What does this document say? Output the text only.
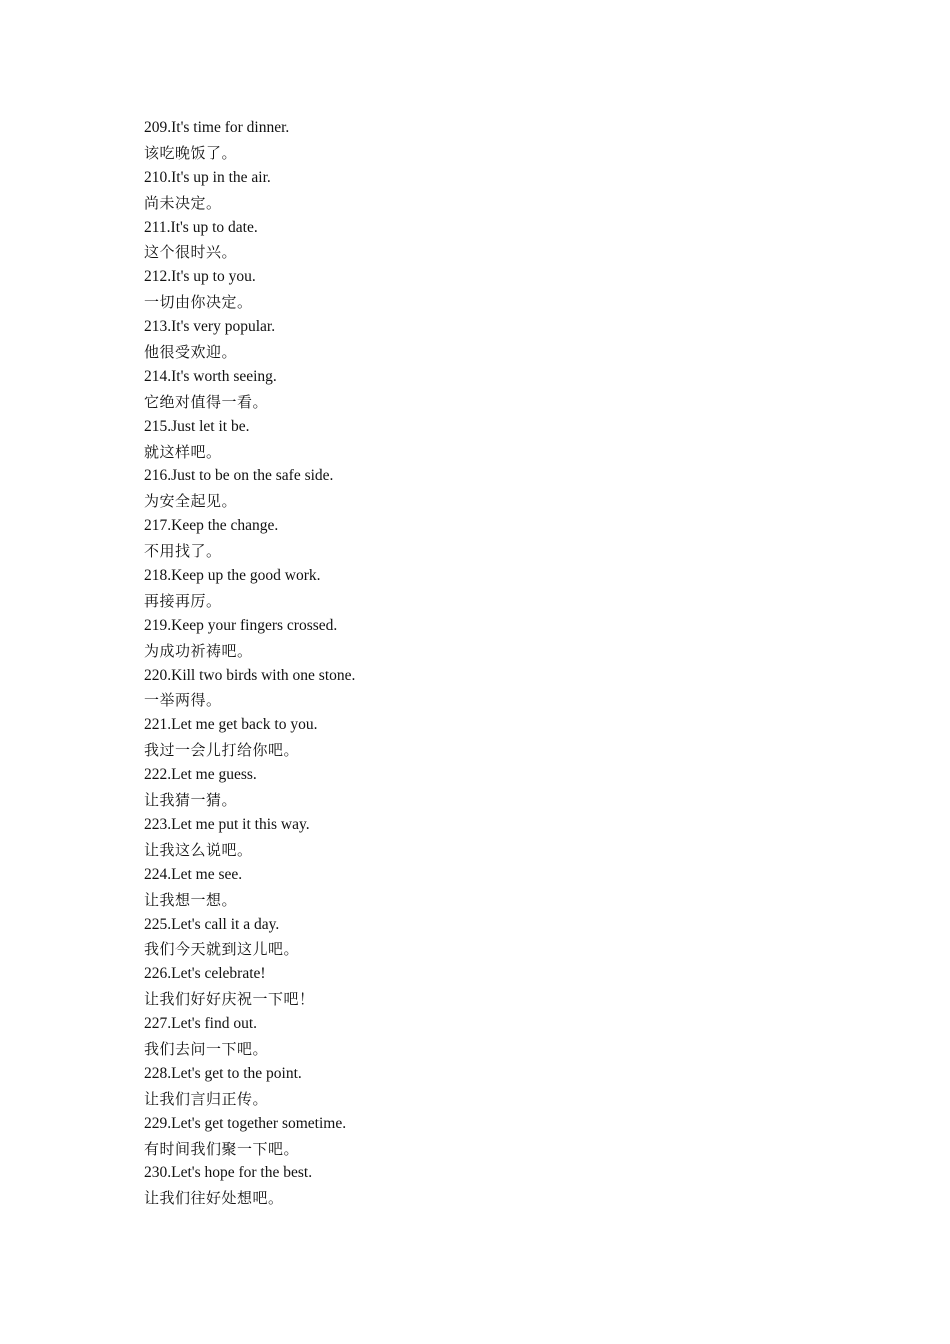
209.It's time for dinner.
该吃晚饭了。
210.It's up in the air.
尚未决定。
211.It's up to date.
这个很时兴。
212.It's up to you.
一切由你决定。
213.It's very popular.
他很受欢迎。
214.It's worth seeing.
它绝对值得一看。
215.Just let it be.
就这样吧。
216.Just to be on the safe side.
为安全起见。
217.Keep the change.
不用找了。
218.Keep up the good work.
再接再厉。
219.Keep your fingers crossed.
为成功祈祷吧。
220.Kill two birds with one stone.
一举两得。
221.Let me get back to you.
我过一会儿打给你吧。
222.Let me guess.
让我猜一猜。
223.Let me put it this way.
让我这么说吧。
224.Let me see.
让我想一想。
225.Let's call it a day.
我们今天就到这儿吧。
226.Let's celebrate!
让我们好好庆祝一下吧！
227.Let's find out.
我们去问一下吧。
228.Let's get to the point.
让我们言归正传。
229.Let's get together sometime.
有时间我们聚一下吧。
230.Let's hope for the best.
让我们往好处想吧。
